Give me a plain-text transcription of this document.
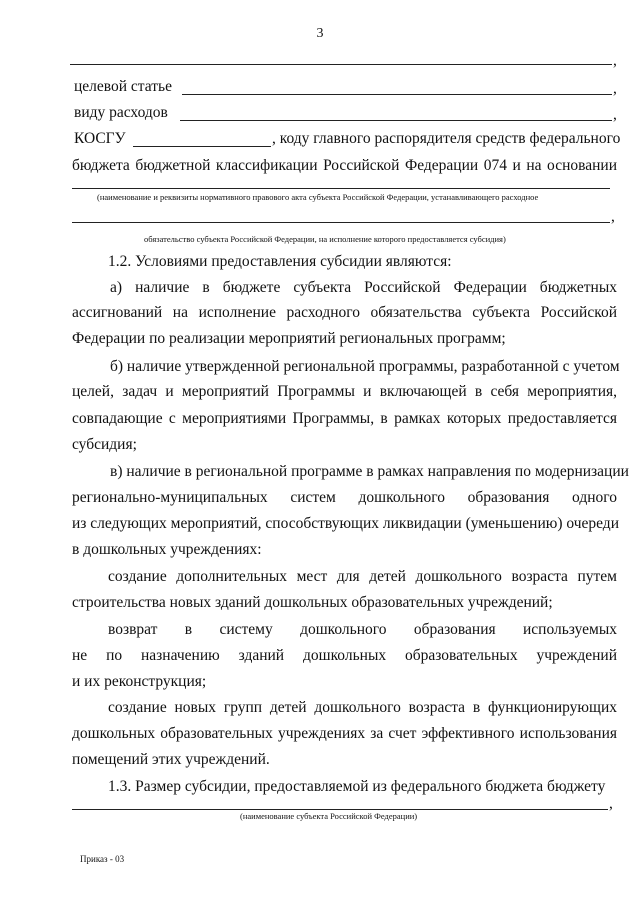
3
,
целевой статье	,
виду расходов	,
КОСГУ	, коду главного распорядителя средств федерального
бюджета бюджетной классификации Российской Федерации 074 и на основании
(наименование и реквизиты нормативного правового акта субъекта Российской Федерации, устанавливающего расходное
,
обязательство субъекта Российской Федерации, на исполнение которого предоставляется субсидия)
1.2. Условиями предоставления субсидии являются:
а) наличие в бюджете субъекта Российской Федерации бюджетных
ассигнований на исполнение расходного обязательства субъекта Российской
Федерации по реализации мероприятий региональных программ;
б) наличие утвержденной региональной программы, разработанной с учетом
целей, задач и мероприятий Программы и включающей в себя мероприятия,
совпадающие с мероприятиями Программы, в рамках которых предоставляется
субсидия;
в) наличие в региональной программе в рамках направления по модернизации
регионально-муниципальных систем дошкольного образования одного
из следующих мероприятий, способствующих ликвидации (уменьшению) очереди
в дошкольных учреждениях:
создание дополнительных мест для детей дошкольного возраста путем
строительства новых зданий дошкольных образовательных учреждений;
возврат в систему дошкольного образования используемых
не по назначению зданий дошкольных образовательных учреждений
и их реконструкция;
создание новых групп детей дошкольного возраста в функционирующих
дошкольных образовательных учреждениях за счет эффективного использования
помещений этих учреждений.
1.3. Размер субсидии, предоставляемой из федерального бюджета бюджету
,
(наименование субъекта Российской Федерации)
Приказ - 03
